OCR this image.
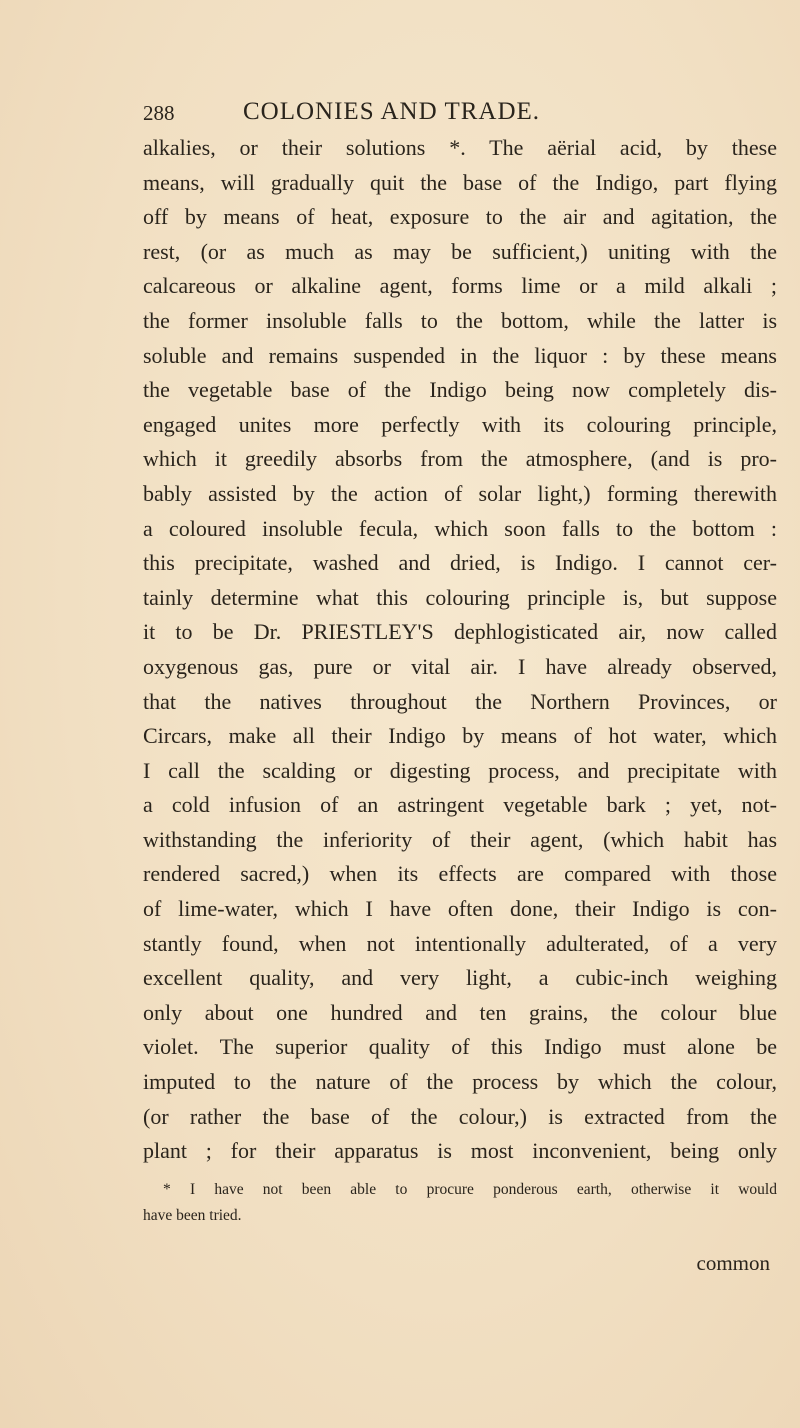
288	COLONIES AND TRADE.
alkalies, or their solutions *. The aërial acid, by these
means, will gradually quit the base of the Indigo, part flying
off by means of heat, exposure to the air and agitation, the
rest, (or as much as may be sufficient,) uniting with the
calcareous or alkaline agent, forms lime or a mild alkali ;
the former insoluble falls to the bottom, while the latter is
soluble and remains suspended in the liquor : by these means
the vegetable base of the Indigo being now completely dis-
engaged unites more perfectly with its colouring principle,
which it greedily absorbs from the atmosphere, (and is pro-
bably assisted by the action of solar light,) forming therewith
a coloured insoluble fecula, which soon falls to the bottom :
this precipitate, washed and dried, is Indigo. I cannot cer-
tainly determine what this colouring principle is, but suppose
it to be Dr. PRIESTLEY'S dephlogisticated air, now called
oxygenous gas, pure or vital air. I have already observed,
that the natives throughout the Northern Provinces, or
Circars, make all their Indigo by means of hot water, which
I call the scalding or digesting process, and precipitate with
a cold infusion of an astringent vegetable bark ; yet, not-
withstanding the inferiority of their agent, (which habit has
rendered sacred,) when its effects are compared with those
of lime-water, which I have often done, their Indigo is con-
stantly found, when not intentionally adulterated, of a very
excellent quality, and very light, a cubic-inch weighing
only about one hundred and ten grains, the colour blue
violet. The superior quality of this Indigo must alone be
imputed to the nature of the process by which the colour,
(or rather the base of the colour,) is extracted from the
plant ; for their apparatus is most inconvenient, being only
* I have not been able to procure ponderous earth, otherwise it would
have been tried.
common
